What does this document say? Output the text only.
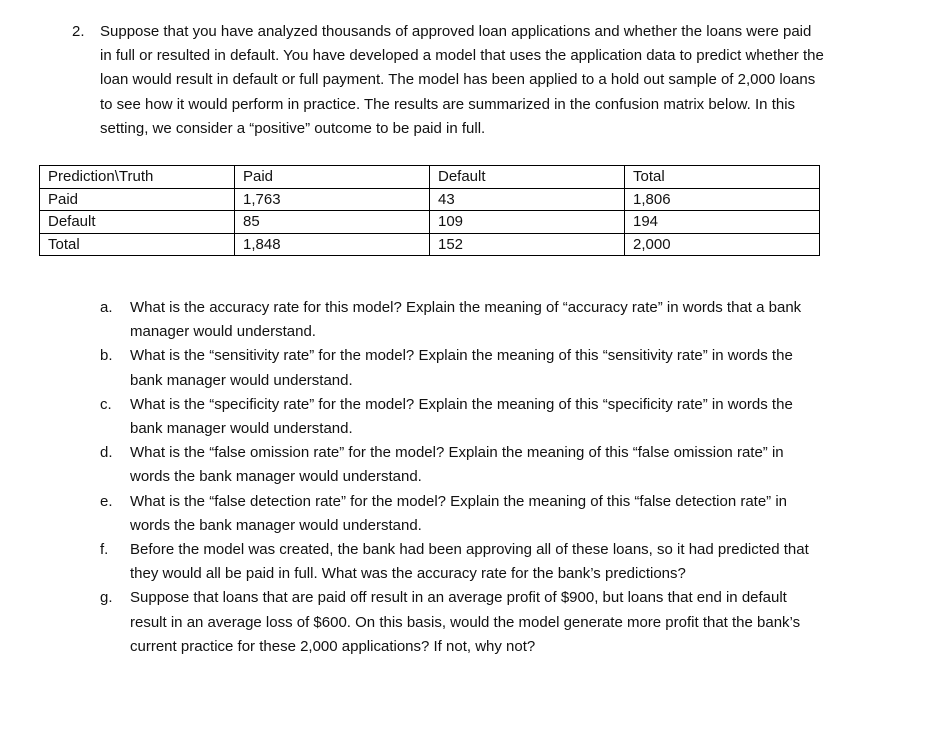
2. Suppose that you have analyzed thousands of approved loan applications and whether the loans were paid in full or resulted in default. You have developed a model that uses the application data to predict whether the loan would result in default or full payment. The model has been applied to a hold out sample of 2,000 loans to see how it would perform in practice. The results are summarized in the confusion matrix below. In this setting, we consider a “positive” outcome to be paid in full.
Prediction\Truth	Paid	Default	Total
Paid	1,763	43	1,806
Default	85	109	194
Total	1,848	152	2,000
a. What is the accuracy rate for this model? Explain the meaning of “accuracy rate” in words that a bank manager would understand.
b. What is the “sensitivity rate” for the model? Explain the meaning of this “sensitivity rate” in words the bank manager would understand.
c. What is the “specificity rate” for the model? Explain the meaning of this “specificity rate” in words the bank manager would understand.
d. What is the “false omission rate” for the model? Explain the meaning of this “false omission rate” in words the bank manager would understand.
e. What is the “false detection rate” for the model? Explain the meaning of this “false detection rate” in words the bank manager would understand.
f. Before the model was created, the bank had been approving all of these loans, so it had predicted that they would all be paid in full. What was the accuracy rate for the bank’s predictions?
g. Suppose that loans that are paid off result in an average profit of $900, but loans that end in default result in an average loss of $600. On this basis, would the model generate more profit that the bank’s current practice for these 2,000 applications? If not, why not?
